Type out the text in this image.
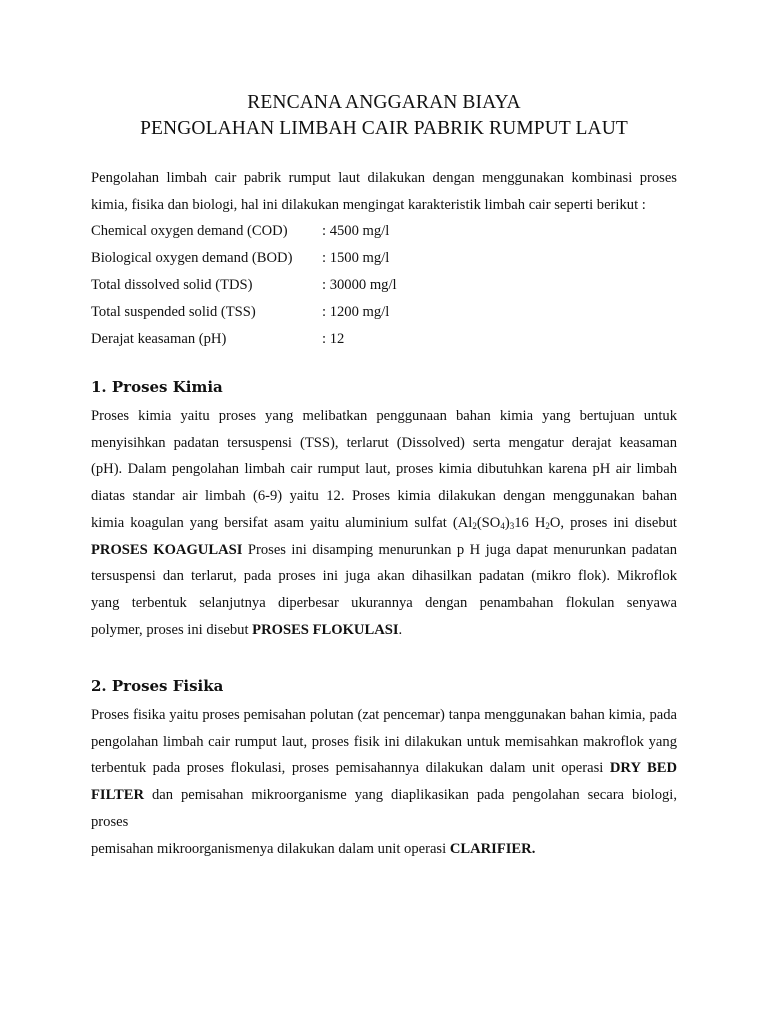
RENCANA ANGGARAN BIAYA
PENGOLAHAN LIMBAH CAIR PABRIK RUMPUT LAUT
Pengolahan limbah cair pabrik rumput laut dilakukan dengan menggunakan kombinasi proses
kimia, fisika dan biologi, hal ini dilakukan mengingat karakteristik limbah cair seperti berikut :
Chemical oxygen demand (COD) : 4500 mg/l
Biological oxygen demand (BOD) : 1500 mg/l
Total dissolved solid (TDS)	: 30000 mg/l
Total suspended solid (TSS)	: 1200 mg/l
Derajat keasaman (pH)	: 12
1. Proses Kimia
Proses kimia yaitu proses yang melibatkan penggunaan bahan kimia yang bertujuan untuk
menyisihkan padatan tersuspensi (TSS), terlarut (Dissolved) serta mengatur derajat keasaman
(pH). Dalam pengolahan limbah cair rumput laut, proses kimia dibutuhkan karena pH air limbah
diatas standar air limbah (6-9) yaitu 12. Proses kimia dilakukan dengan menggunakan bahan
kimia koagulan yang bersifat asam yaitu aluminium sulfat ($Al_2(SO_4)_316$ $H_2O$, proses ini disebut
PROSES KOAGULASI Proses ini disamping menurunkan p H juga dapat menurunkan padatan
tersuspensi dan terlarut, pada proses ini juga akan dihasilkan padatan (mikro flok). Mikroflok
yang terbentuk selanjutnya diperbesar ukurannya dengan penambahan flokulan senyawa
polymer, proses ini disebut PROSES FLOKULASI.
2. Proses Fisika
Proses fisika yaitu proses pemisahan polutan (zat pencemar) tanpa menggunakan bahan kimia, pada
pengolahan limbah cair rumput laut, proses fisik ini dilakukan untuk memisahkan makroflok yang
terbentuk pada proses flokulasi, proses pemisahannya dilakukan dalam unit operasi DRY BED
FILTER dan pemisahan mikroorganisme yang diaplikasikan pada pengolahan secara biologi, proses
pemisahan mikroorganismenya dilakukan dalam unit operasi CLARIFIER.
